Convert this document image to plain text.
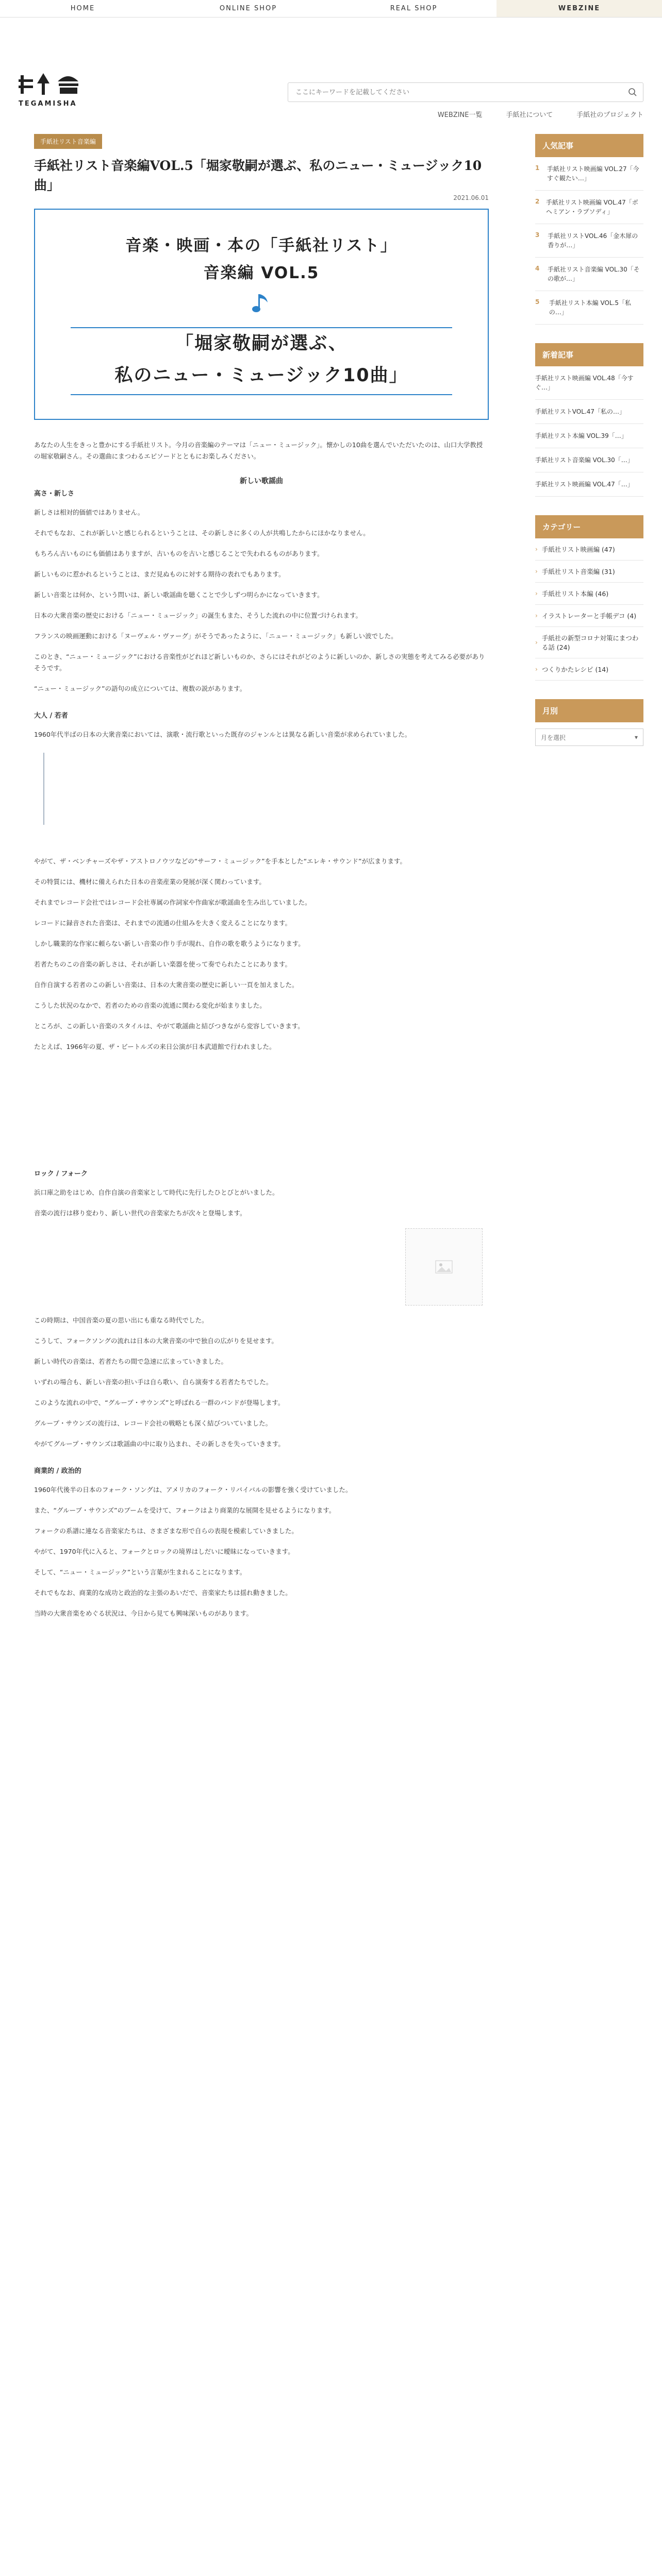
HOME	ONLINE SHOP	REAL SHOP	WEBZINE
TEGAMISHA
ここにキーワードを記載してください
WEBZINE一覧	手紙社について	手紙社のプロジェクト
手紙社リスト音楽編
手紙社リスト音楽編VOL.5「堀家敬嗣が選ぶ、私のニュー・ミュージック10曲」
2021.06.01
音楽・映画・本の「手紙社リスト」
音楽編 VOL.5
「堀家敬嗣が選ぶ、
私のニュー・ミュージック10曲」

あなたの人生をきっと豊かにする手紙社リスト。今月の音楽編のテーマは「ニュー・ミュージック」。懐かしの10曲を選んでいただいたのは、山口大学教授の堀家敬嗣さん。その選曲にまつわるエピソードとともにお楽しみください。

新しい歌謡曲
高さ・新しさ

新しさは相対的価値ではありません。

それでもなお、これが新しいと感じられるということは、その新しさに多くの人が共鳴したからにほかなりません。

もちろん古いものにも価値はありますが、古いものを古いと感じることで失われるものがあります。

新しいものに惹かれるということは、まだ見ぬものに対する期待の表れでもあります。

新しい音楽とは何か、という問いは、新しい歌謡曲を聴くことで少しずつ明らかになっていきます。

日本の大衆音楽の歴史における「ニュー・ミュージック」の誕生もまた、そうした流れの中に位置づけられます。

フランスの映画運動における「ヌーヴェル・ヴァーグ」がそうであったように、「ニュー・ミュージック」も新しい波でした。

このとき、“ニュー・ミュージック”における音楽性がどれほど新しいものか、さらにはそれがどのように新しいのか、新しさの実態を考えてみる必要がありそうです。

“ニュー・ミュージック”の語句の成立については、複数の説があります。

大人 / 若者

1960年代半ばの日本の大衆音楽においては、演歌・流行歌といった既存のジャンルとは異なる新しい音楽が求められていました。

やがて、ザ・ベンチャーズやザ・アストロノウツなどの“サーフ・ミュージック”を手本とした“エレキ・サウンド”が広まります。

その特質には、機材に備えられた日本の音楽産業の発展が深く関わっています。

それまでレコード会社ではレコード会社専属の作詞家や作曲家が歌謡曲を生み出していました。

レコードに録音された音楽は、それまでの流通の仕組みを大きく変えることになります。

しかし職業的な作家に頼らない新しい音楽の作り手が現れ、自作の歌を歌うようになります。

若者たちのこの音楽の新しさは、それが新しい楽器を使って奏でられたことにあります。

自作自演する若者のこの新しい音楽は、日本の大衆音楽の歴史に新しい一頁を加えました。

こうした状況のなかで、若者のための音楽の流通に関わる変化が始まりました。

ところが、この新しい音楽のスタイルは、やがて歌謡曲と結びつきながら変容していきます。

たとえば、1966年の夏、ザ・ビートルズの来日公演が日本武道館で行われました。

ロック / フォーク

浜口庫之助をはじめ、自作自演の音楽家として時代に先行したひとびとがいました。

音楽の流行は移り変わり、新しい世代の音楽家たちが次々と登場します。

この時期は、中国音楽の夏の思い出にも重なる時代でした。

こうして、フォークソングの流れは日本の大衆音楽の中で独自の広がりを見せます。

新しい時代の音楽は、若者たちの間で急速に広まっていきました。

いずれの場合も、新しい音楽の担い手は自ら歌い、自ら演奏する若者たちでした。

このような流れの中で、“グループ・サウンズ”と呼ばれる一群のバンドが登場します。

グループ・サウンズの流行は、レコード会社の戦略とも深く結びついていました。

やがてグループ・サウンズは歌謡曲の中に取り込まれ、その新しさを失っていきます。

商業的 / 政治的

1960年代後半の日本のフォーク・ソングは、アメリカのフォーク・リバイバルの影響を強く受けていました。

また、“グループ・サウンズ”のブームを受けて、フォークはより商業的な展開を見せるようになります。

フォークの系譜に連なる音楽家たちは、さまざまな形で自らの表現を模索していきました。

やがて、1970年代に入ると、フォークとロックの境界はしだいに曖昧になっていきます。

そして、“ニュー・ミュージック”という言葉が生まれることになります。

それでもなお、商業的な成功と政治的な主張のあいだで、音楽家たちは揺れ動きました。

当時の大衆音楽をめぐる状況は、今日から見ても興味深いものがあります。

人気記事
1	手紙社リスト映画編 VOL.27「今すぐ観たい…」
2 手紙社リスト映画編 VOL.47「ボヘミアン・ラプソディ」
3	手紙社リストVOL.46「金木犀の香りが…」
4	手紙社リスト音楽編 VOL.30「その歌が…」
5	手紙社リスト本編 VOL.5「私の…」
新着記事
手紙社リスト映画編 VOL.48「今すぐ…」
手紙社リストVOL.47「私の…」
手紙社リスト本編 VOL.39「…」
手紙社リスト音楽編 VOL.30「…」
手紙社リスト映画編 VOL.47「…」
カテゴリー
› 手紙社リスト映画編 (47)
› 手紙社リスト音楽編 (31)
› 手紙社リスト本編 (46)
› イラストレーターと手帳デコ (4)
›
手紙社の新型コロナ対策にまつわる話 (24)
› つくりかたレシピ (14)
月別
月を選択	▾
